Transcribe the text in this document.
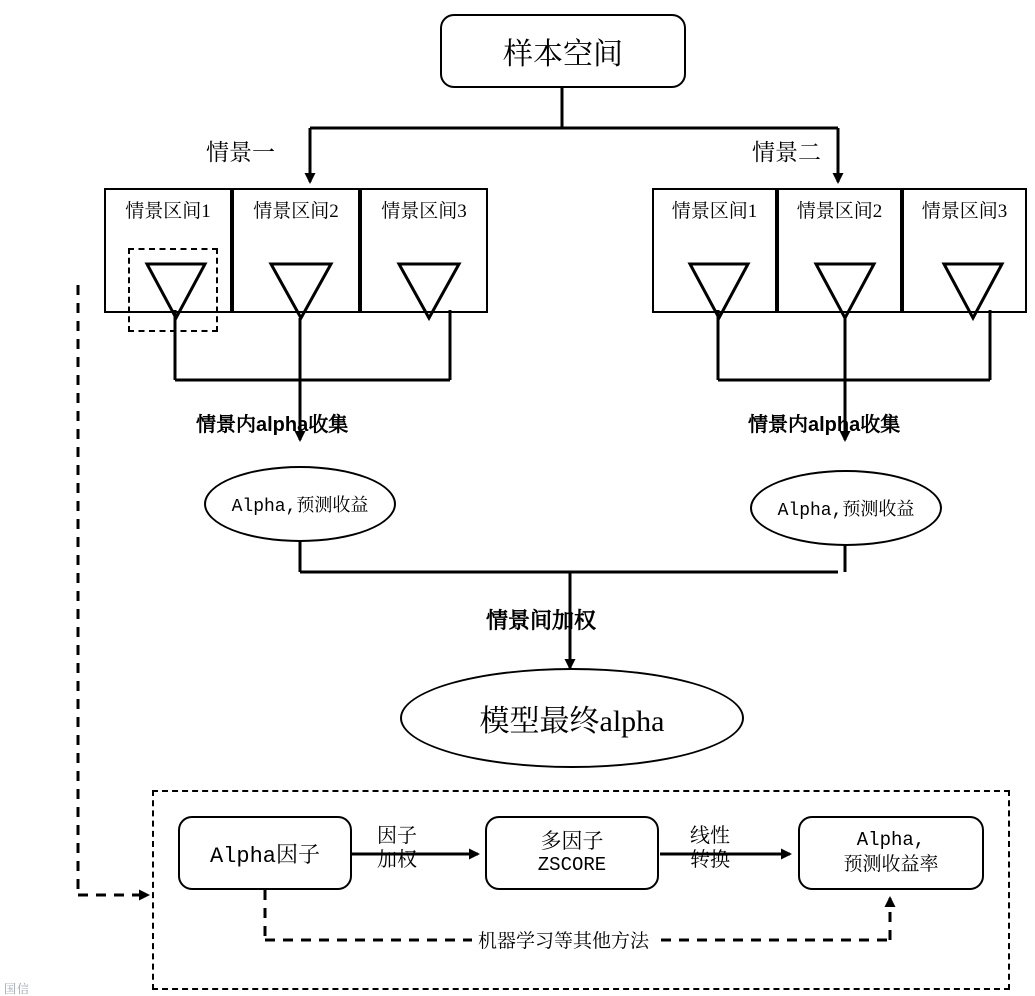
样本空间
情景一	情景二
情景区间1 情景区间2 情景区间3	情景区间1 情景区间2 情景区间3
情景内alpha收集	情景内alpha收集
Alpha,预测收益	Alpha,预测收益
情景间加权
模型最终alpha
Alpha因子
因子
加权
多因子
ZSCORE
线性
转换
Alpha,
预测收益率
机器学习等其他方法
国信
